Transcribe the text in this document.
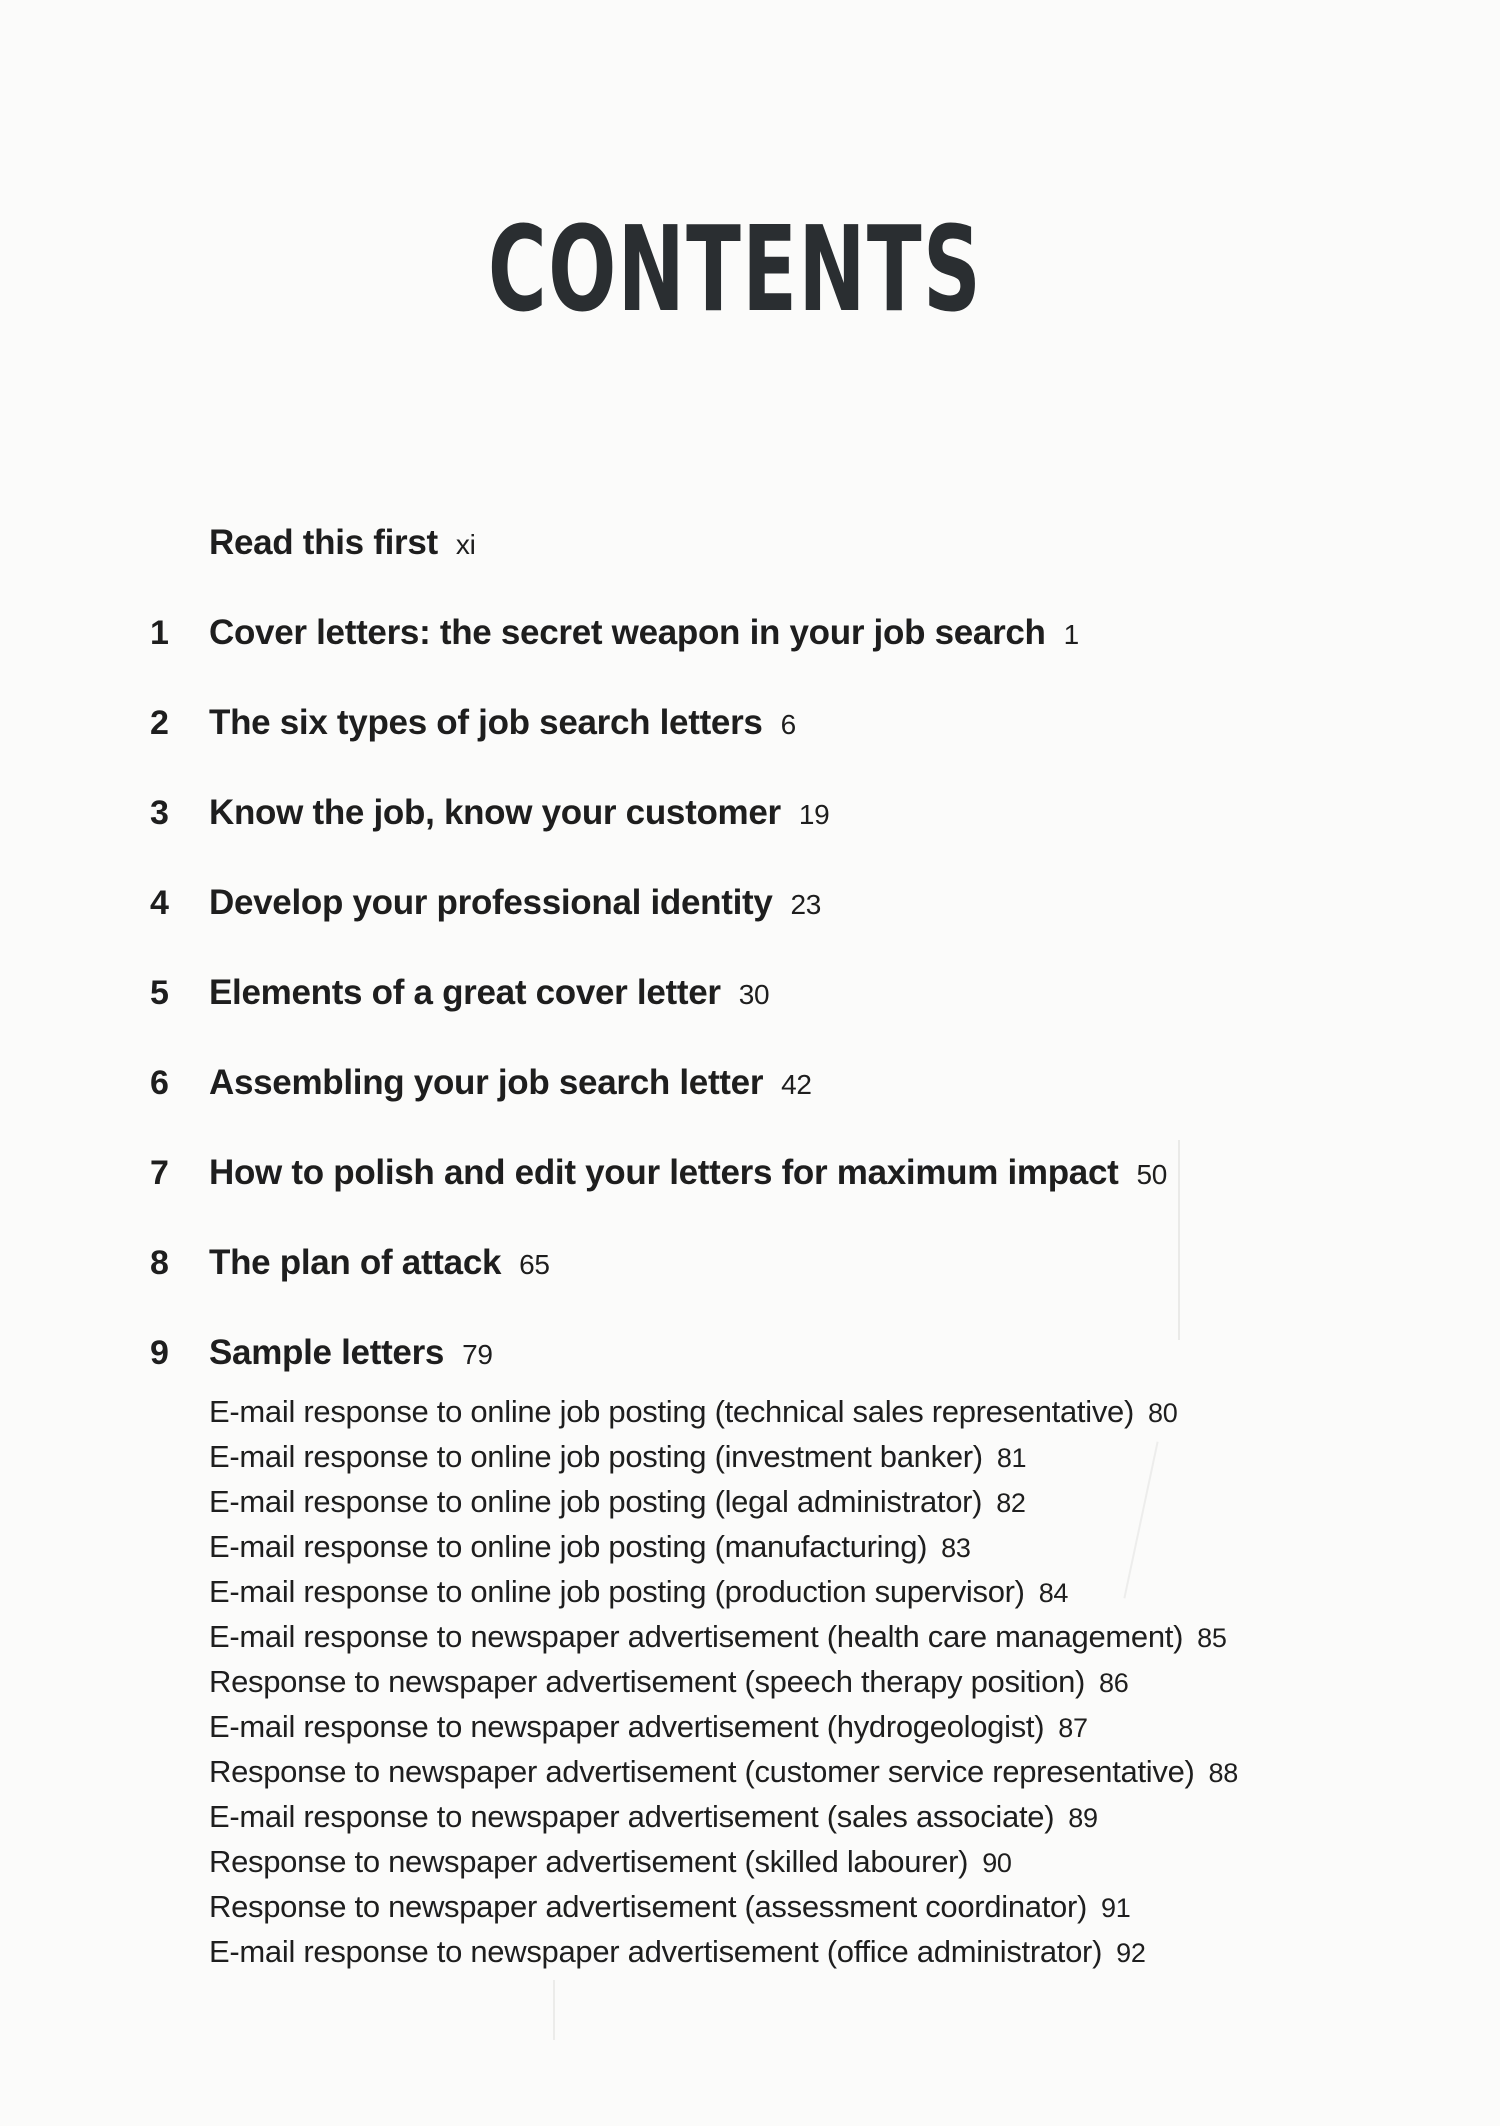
CONTENTS
Read this first xi
1	Cover letters: the secret weapon in your job search 1
2	The six types of job search letters 6
3	Know the job, know your customer 19
4	Develop your professional identity 23
5	Elements of a great cover letter 30
6	Assembling your job search letter 42
7	How to polish and edit your letters for maximum impact 50
8	The plan of attack 65
9	Sample letters 79
E-mail response to online job posting (technical sales representative) 80
E-mail response to online job posting (investment banker) 81
E-mail response to online job posting (legal administrator) 82
E-mail response to online job posting (manufacturing) 83
E-mail response to online job posting (production supervisor) 84
E-mail response to newspaper advertisement (health care management) 85
Response to newspaper advertisement (speech therapy position) 86
E-mail response to newspaper advertisement (hydrogeologist) 87
Response to newspaper advertisement (customer service representative) 88
E-mail response to newspaper advertisement (sales associate) 89
Response to newspaper advertisement (skilled labourer) 90
Response to newspaper advertisement (assessment coordinator) 91
E-mail response to newspaper advertisement (office administrator) 92
